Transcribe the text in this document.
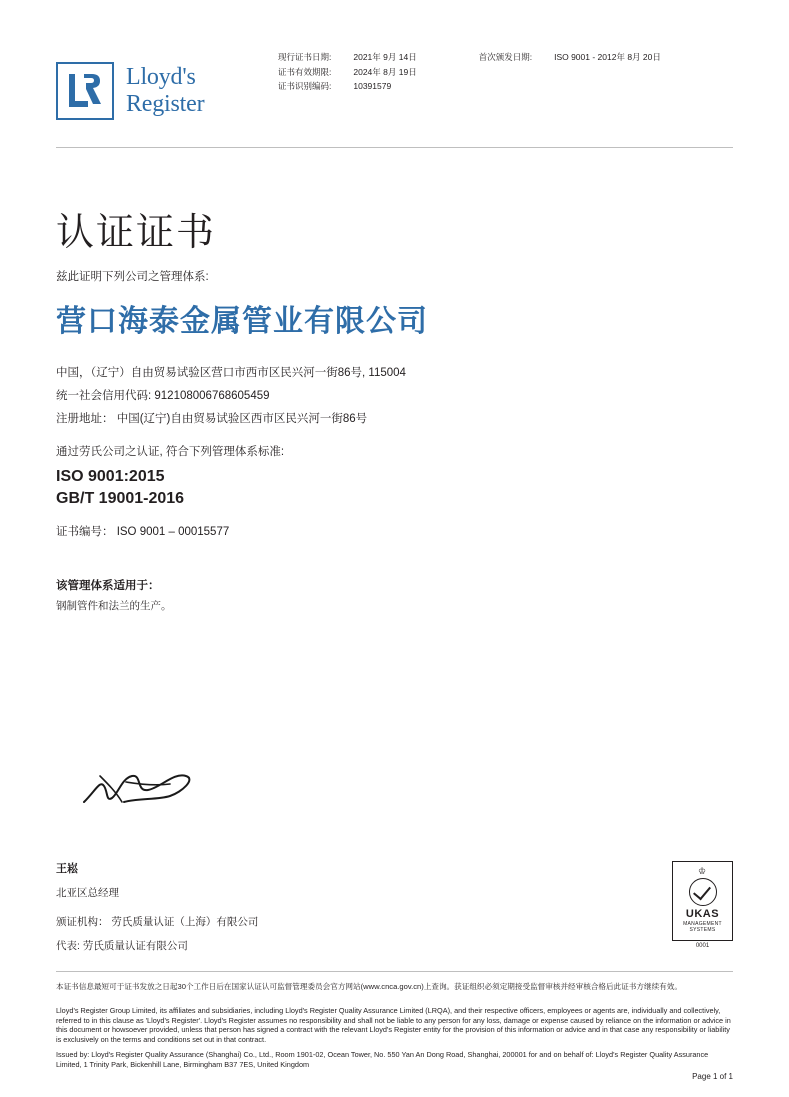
Lloyd's
Register
现行证书日期:	2021年 9月 14日	首次颁发日期:	ISO 9001 - 2012年 8月 20日
证书有效期限:	2024年 8月 19日		
证书识别编码:	10391579		
认证证书
兹此证明下列公司之管理体系:
营口海泰金属管业有限公司
中国，（辽宁）自由贸易试验区营口市西市区民兴河一街86号, 115004
统一社会信用代码: 912108006768605459
注册地址： 中国(辽宁)自由贸易试验区西市区民兴河一街86号
通过劳氏公司之认证, 符合下列管理体系标准:
ISO 9001:2015
GB/T 19001-2016
证书编号： ISO 9001 – 00015577
该管理体系适用于：
钢制管件和法兰的生产。
王崧
北亚区总经理
颁证机构： 劳氏质量认证（上海）有限公司
代表: 劳氏质量认证有限公司
♔
UKAS
MANAGEMENT
SYSTEMS
0001
本证书信息最短可于证书发放之日起30个工作日后在国家认证认可监督管理委员会官方网站(www.cnca.gov.cn)上查询。获证组织必须定期接受监督审核并经审核合格后此证书方继续有效。

Lloyd's Register Group Limited, its affiliates and subsidiaries, including Lloyd's Register Quality Assurance Limited (LRQA), and their respective officers, employees or agents are, individually and collectively, referred to in this clause as 'Lloyd's Register'. Lloyd's Register assumes no responsibility and shall not be liable to any person for any loss, damage or expense caused by reliance on the information or advice in this document or howsoever provided, unless that person has signed a contract with the relevant Lloyd's Register entity for the provision of this information or advice and in that case any responsibility or liability is exclusively on the terms and conditions set out in that contract.

Issued by: Lloyd's Register Quality Assurance (Shanghai) Co., Ltd., Room 1901-02, Ocean Tower, No. 550 Yan An Dong Road, Shanghai, 200001 for and on behalf of: Lloyd's Register Quality Assurance Limited, 1 Trinity Park, Bickenhill Lane, Birmingham B37 7ES, United Kingdom

Page 1 of 1
